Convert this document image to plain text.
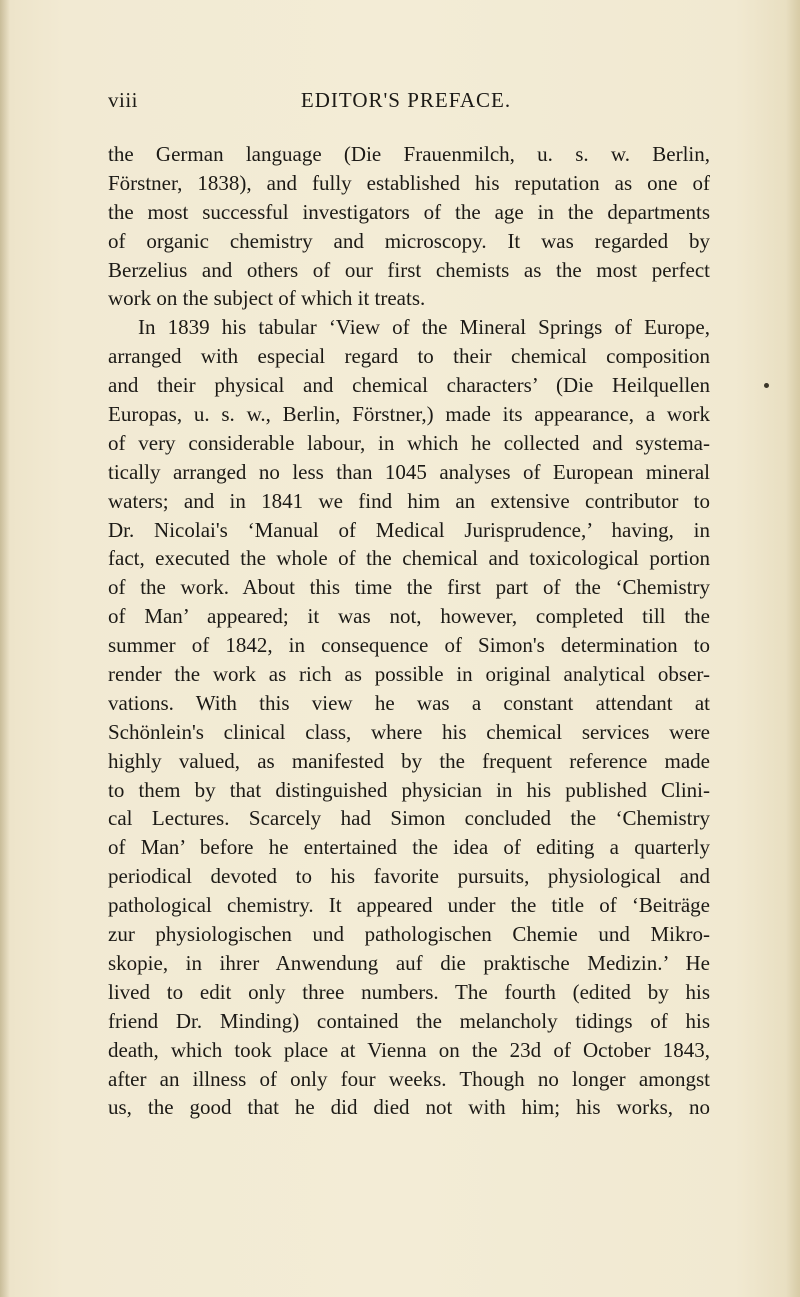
viii	EDITOR'S PREFACE.
the German language (Die Frauenmilch, u. s. w. Berlin,
Förstner, 1838), and fully established his reputation as one of
the most successful investigators of the age in the departments
of organic chemistry and microscopy. It was regarded by
Berzelius and others of our first chemists as the most perfect
work on the subject of which it treats.
In 1839 his tabular ‘View of the Mineral Springs of Europe,
arranged with especial regard to their chemical composition
and their physical and chemical characters’ (Die Heilquellen
Europas, u. s. w., Berlin, Förstner,) made its appearance, a work
of very considerable labour, in which he collected and systema-
tically arranged no less than 1045 analyses of European mineral
waters; and in 1841 we find him an extensive contributor to
Dr. Nicolai's ‘Manual of Medical Jurisprudence,’ having, in
fact, executed the whole of the chemical and toxicological portion
of the work. About this time the first part of the ‘Chemistry
of Man’ appeared; it was not, however, completed till the
summer of 1842, in consequence of Simon's determination to
render the work as rich as possible in original analytical obser-
vations. With this view he was a constant attendant at
Schönlein's clinical class, where his chemical services were
highly valued, as manifested by the frequent reference made
to them by that distinguished physician in his published Clini-
cal Lectures. Scarcely had Simon concluded the ‘Chemistry
of Man’ before he entertained the idea of editing a quarterly
periodical devoted to his favorite pursuits, physiological and
pathological chemistry. It appeared under the title of ‘Beiträge
zur physiologischen und pathologischen Chemie und Mikro-
skopie, in ihrer Anwendung auf die praktische Medizin.’ He
lived to edit only three numbers. The fourth (edited by his
friend Dr. Minding) contained the melancholy tidings of his
death, which took place at Vienna on the 23d of October 1843,
after an illness of only four weeks. Though no longer amongst
us, the good that he did died not with him; his works, no
